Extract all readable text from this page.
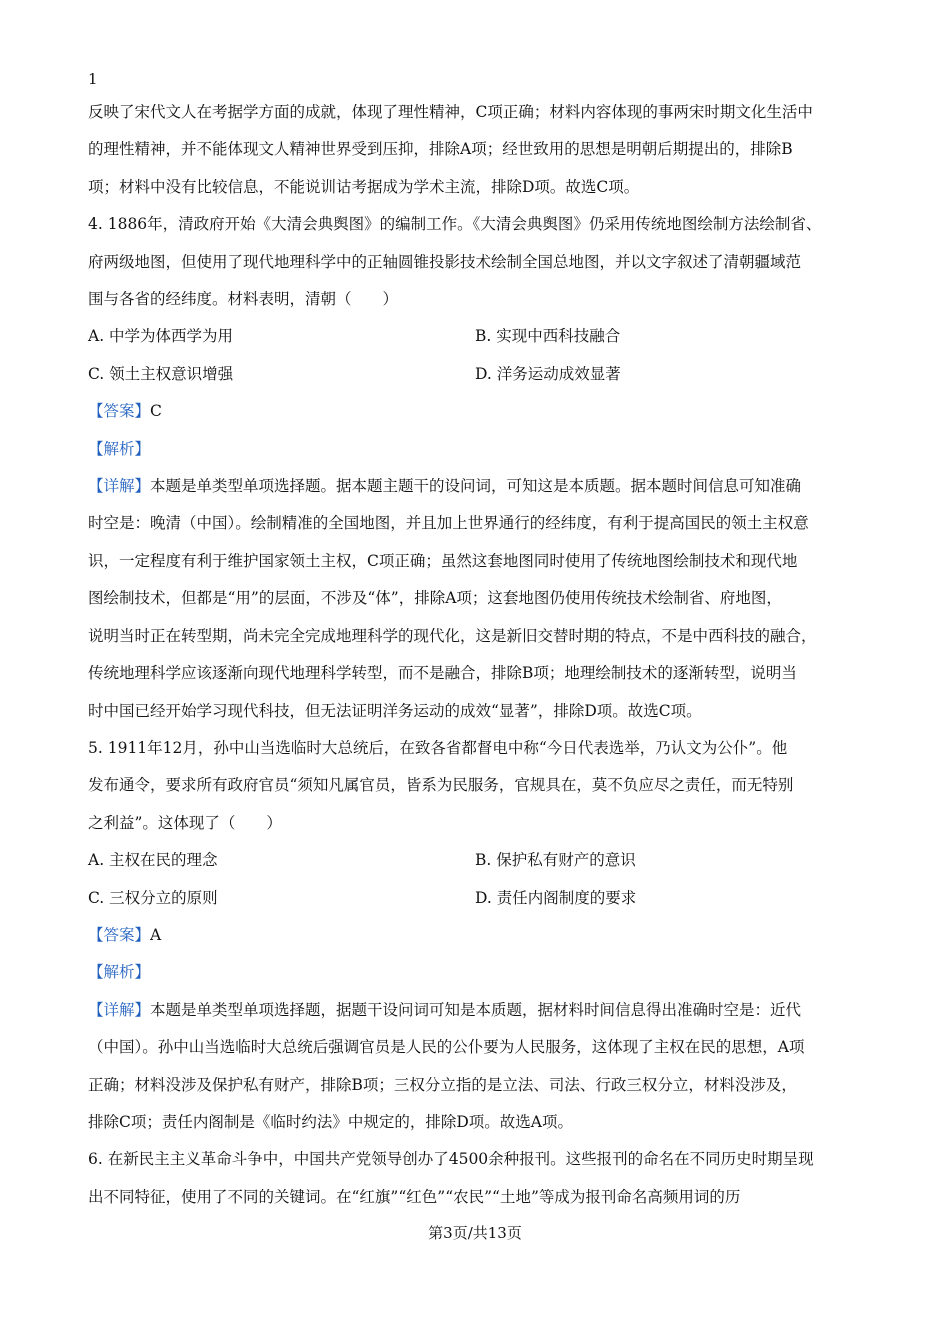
1

反映了宋代文人在考据学方面的成就，体现了理性精神，C项正确；材料内容体现的事两宋时期文化生活中

的理性精神，并不能体现文人精神世界受到压抑，排除A项；经世致用的思想是明朝后期提出的，排除B

项；材料中没有比较信息，不能说训诂考据成为学术主流，排除D项。故选C项。

4. 1886年，清政府开始《大清会典舆图》的编制工作。《大清会典舆图》仍采用传统地图绘制方法绘制省、

府两级地图，但使用了现代地理科学中的正轴圆锥投影技术绘制全国总地图，并以文字叙述了清朝疆域范

围与各省的经纬度。材料表明，清朝（　　）

A. 中学为体西学为用	B. 实现中西科技融合
C. 领土主权意识增强	D. 洋务运动成效显著

【答案】C

【解析】

【详解】本题是单类型单项选择题。据本题主题干的设问词，可知这是本质题。据本题时间信息可知准确

时空是：晚清（中国）。绘制精准的全国地图，并且加上世界通行的经纬度，有利于提高国民的领土主权意

识，一定程度有利于维护国家领土主权，C项正确；虽然这套地图同时使用了传统地图绘制技术和现代地

图绘制技术，但都是“用”的层面，不涉及“体”，排除A项；这套地图仍使用传统技术绘制省、府地图，

说明当时正在转型期，尚未完全完成地理科学的现代化，这是新旧交替时期的特点，不是中西科技的融合，

传统地理科学应该逐渐向现代地理科学转型，而不是融合，排除B项；地理绘制技术的逐渐转型，说明当

时中国已经开始学习现代科技，但无法证明洋务运动的成效“显著”，排除D项。故选C项。

5. 1911年12月，孙中山当选临时大总统后，在致各省都督电中称“今日代表选举，乃认文为公仆”。他

发布通令，要求所有政府官员“须知凡属官员，皆系为民服务，官规具在，莫不负应尽之责任，而无特别

之利益”。这体现了（　　）

A. 主权在民的理念	B. 保护私有财产的意识
C. 三权分立的原则	D. 责任内阁制度的要求

【答案】A

【解析】

【详解】本题是单类型单项选择题，据题干设问词可知是本质题，据材料时间信息得出准确时空是：近代

（中国）。孙中山当选临时大总统后强调官员是人民的公仆要为人民服务，这体现了主权在民的思想，A项

正确；材料没涉及保护私有财产，排除B项；三权分立指的是立法、司法、行政三权分立，材料没涉及，

排除C项；责任内阁制是《临时约法》中规定的，排除D项。故选A项。

6. 在新民主主义革命斗争中，中国共产党领导创办了4500余种报刊。这些报刊的命名在不同历史时期呈现

出不同特征，使用了不同的关键词。在“红旗”“红色”“农民”“土地”等成为报刊命名高频用词的历

第3页/共13页
